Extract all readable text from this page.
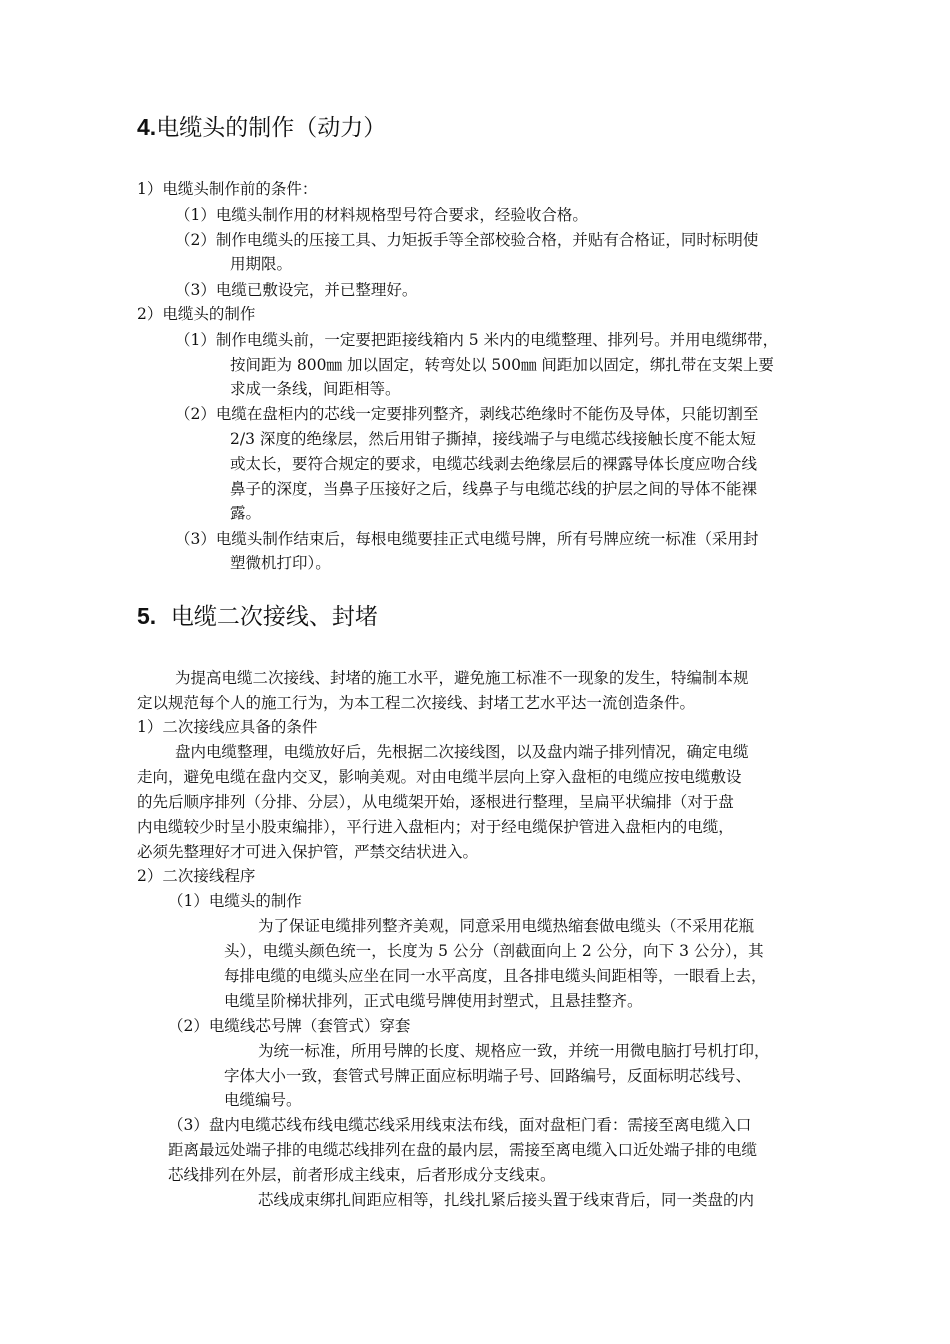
4.电缆头的制作（动力）
1）电缆头制作前的条件：
（1）电缆头制作用的材料规格型号符合要求，经验收合格。
（2）制作电缆头的压接工具、力矩扳手等全部校验合格，并贴有合格证，同时标明使
用期限。
（3）电缆已敷设完，并已整理好。
2）电缆头的制作
（1）制作电缆头前，一定要把距接线箱内 5 米内的电缆整理、排列号。并用电缆绑带，
按间距为 800㎜ 加以固定，转弯处以 500㎜ 间距加以固定，绑扎带在支架上要
求成一条线，间距相等。
（2）电缆在盘柜内的芯线一定要排列整齐，剥线芯绝缘时不能伤及导体，只能切割至
2/3 深度的绝缘层，然后用钳子撕掉，接线端子与电缆芯线接触长度不能太短
或太长，要符合规定的要求，电缆芯线剥去绝缘层后的裸露导体长度应吻合线
鼻子的深度，当鼻子压接好之后，线鼻子与电缆芯线的护层之间的导体不能裸
露。
（3）电缆头制作结束后，每根电缆要挂正式电缆号牌，所有号牌应统一标准（采用封
塑微机打印）。
5. 电缆二次接线、封堵
为提高电缆二次接线、封堵的施工水平，避免施工标准不一现象的发生，特编制本规
定以规范每个人的施工行为，为本工程二次接线、封堵工艺水平达一流创造条件。
1）二次接线应具备的条件
盘内电缆整理，电缆放好后，先根据二次接线图，以及盘内端子排列情况，确定电缆
走向，避免电缆在盘内交叉，影响美观。对由电缆半层向上穿入盘柜的电缆应按电缆敷设
的先后顺序排列（分排、分层），从电缆架开始，逐根进行整理，呈扁平状编排（对于盘
内电缆较少时呈小股束编排），平行进入盘柜内；对于经电缆保护管进入盘柜内的电缆，
必须先整理好才可进入保护管，严禁交结状进入。
2）二次接线程序
（1）电缆头的制作
为了保证电缆排列整齐美观，同意采用电缆热缩套做电缆头（不采用花瓶
头），电缆头颜色统一，长度为 5 公分（剖截面向上 2 公分，向下 3 公分），其
每排电缆的电缆头应坐在同一水平高度，且各排电缆头间距相等，一眼看上去，
电缆呈阶梯状排列，正式电缆号牌使用封塑式，且悬挂整齐。
（2）电缆线芯号牌（套管式）穿套
为统一标准，所用号牌的长度、规格应一致，并统一用微电脑打号机打印，
字体大小一致，套管式号牌正面应标明端子号、回路编号，反面标明芯线号、
电缆编号。
（3）盘内电缆芯线布线电缆芯线采用线束法布线，面对盘柜门看：需接至离电缆入口
距离最远处端子排的电缆芯线排列在盘的最内层，需接至离电缆入口近处端子排的电缆
芯线排列在外层，前者形成主线束，后者形成分支线束。
芯线成束绑扎间距应相等，扎线扎紧后接头置于线束背后，同一类盘的内
